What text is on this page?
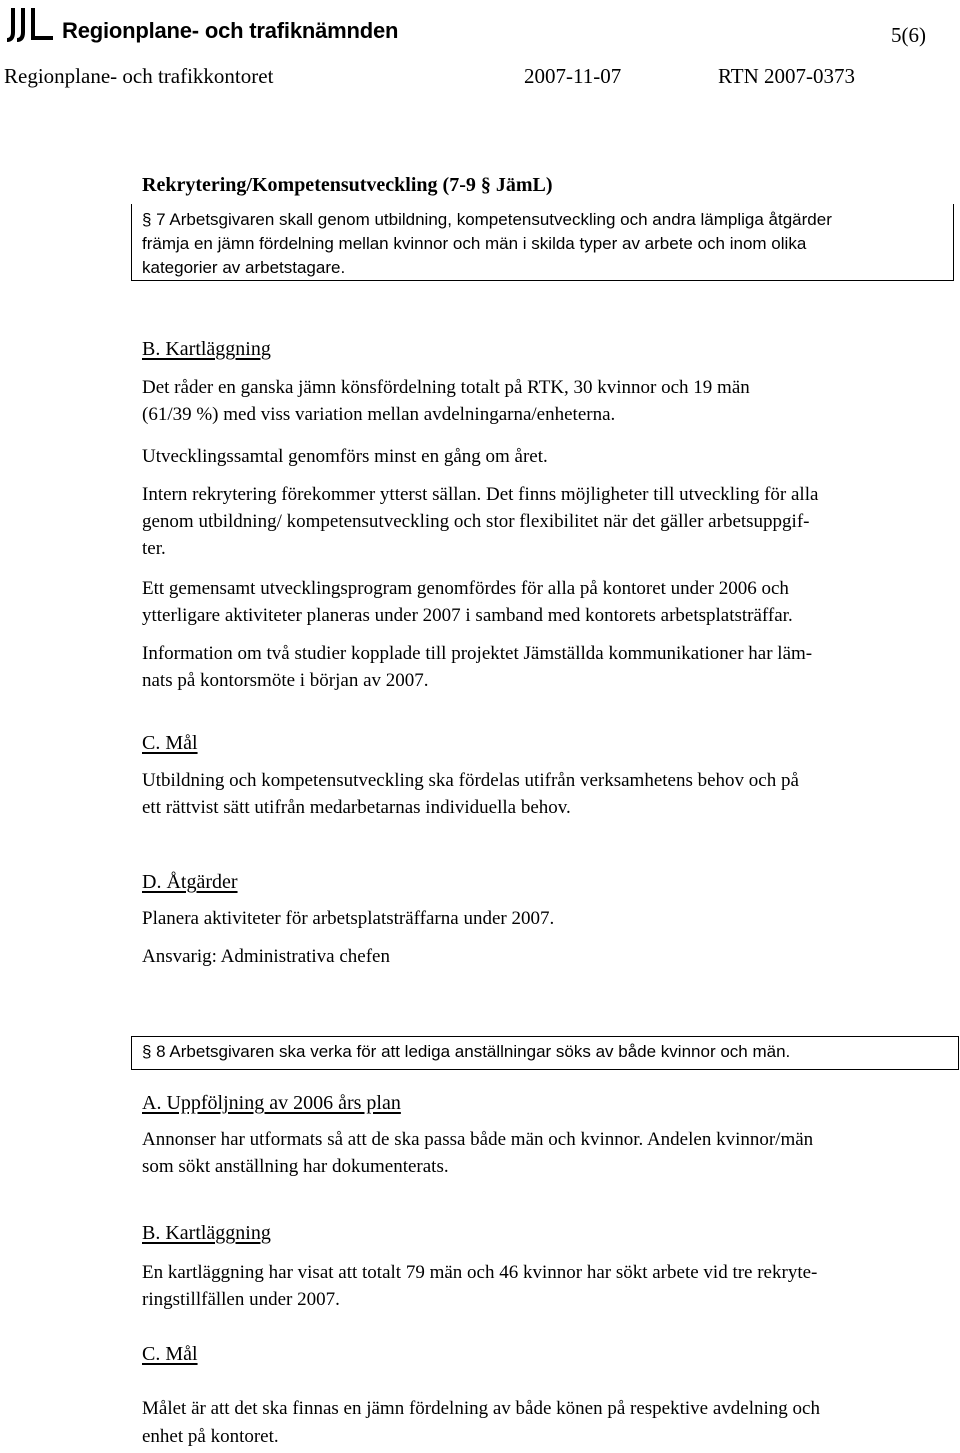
Regionplane- och trafiknämnden	5(6)
Regionplane- och trafikkontoret	2007-11-07	RTN 2007-0373
Rekrytering/Kompetensutveckling (7-9 § JämL)
§ 7 Arbetsgivaren skall genom utbildning, kompetensutveckling och andra lämpliga åtgärder
främja en jämn fördelning mellan kvinnor och män i skilda typer av arbete och inom olika
kategorier av arbetstagare.
B. Kartläggning
Det råder en ganska jämn könsfördelning totalt på RTK, 30 kvinnor och 19 män
(61/39 %) med viss variation mellan avdelningarna/enheterna.
Utvecklingssamtal genomförs minst en gång om året.
Intern rekrytering förekommer ytterst sällan. Det finns möjligheter till utveckling för alla
genom utbildning/ kompetensutveckling och stor flexibilitet när det gäller arbetsuppgif-
ter.
Ett gemensamt utvecklingsprogram genomfördes för alla på kontoret under 2006 och
ytterligare aktiviteter planeras under 2007 i samband med kontorets arbetsplatsträffar.
Information om två studier kopplade till projektet Jämställda kommunikationer har läm-
nats på kontorsmöte i början av 2007.
C. Mål
Utbildning och kompetensutveckling ska fördelas utifrån verksamhetens behov och på
ett rättvist sätt utifrån medarbetarnas individuella behov.
D. Åtgärder
Planera aktiviteter för arbetsplatsträffarna under 2007.
Ansvarig: Administrativa chefen
§ 8 Arbetsgivaren ska verka för att lediga anställningar söks av både kvinnor och män.
A. Uppföljning av 2006 års plan
Annonser har utformats så att de ska passa både män och kvinnor. Andelen kvinnor/män
som sökt anställning har dokumenterats.
B. Kartläggning
En kartläggning har visat att totalt 79 män och 46 kvinnor har sökt arbete vid tre rekryte-
ringstillfällen under 2007.
C. Mål
Målet är att det ska finnas en jämn fördelning av både könen på respektive avdelning och
enhet på kontoret.
